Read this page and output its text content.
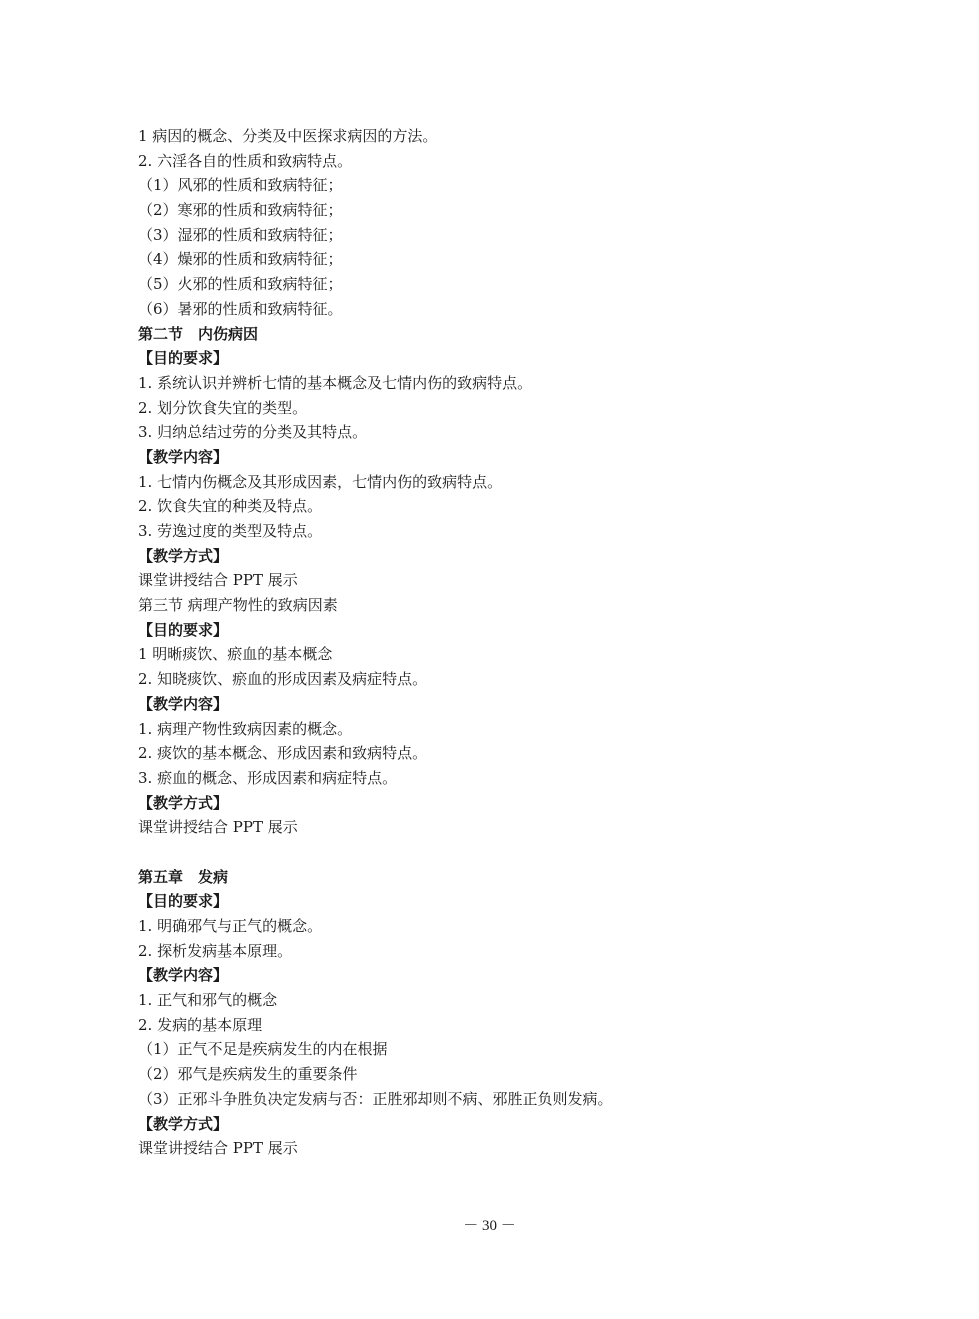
1 病因的概念、分类及中医探求病因的方法。
2. 六淫各自的性质和致病特点。
（1）风邪的性质和致病特征；
（2）寒邪的性质和致病特征；
（3）湿邪的性质和致病特征；
（4）燥邪的性质和致病特征；
（5）火邪的性质和致病特征；
（6）暑邪的性质和致病特征。
第二节　内伤病因
【目的要求】
1. 系统认识并辨析七情的基本概念及七情内伤的致病特点。
2. 划分饮食失宜的类型。
3. 归纳总结过劳的分类及其特点。
【教学内容】
1. 七情内伤概念及其形成因素，七情内伤的致病特点。
2. 饮食失宜的种类及特点。
3. 劳逸过度的类型及特点。
【教学方式】
课堂讲授结合 PPT 展示
第三节 病理产物性的致病因素
【目的要求】
1 明晰痰饮、瘀血的基本概念
2. 知晓痰饮、瘀血的形成因素及病症特点。
【教学内容】
1. 病理产物性致病因素的概念。
2. 痰饮的基本概念、形成因素和致病特点。
3. 瘀血的概念、形成因素和病症特点。
【教学方式】
课堂讲授结合 PPT 展示
第五章　发病
【目的要求】
1. 明确邪气与正气的概念。
2. 探析发病基本原理。
【教学内容】
1. 正气和邪气的概念
2. 发病的基本原理
（1）正气不足是疾病发生的内在根据
（2）邪气是疾病发生的重要条件
（3）正邪斗争胜负决定发病与否：正胜邪却则不病、邪胜正负则发病。
【教学方式】
课堂讲授结合 PPT 展示
－ 30 －
